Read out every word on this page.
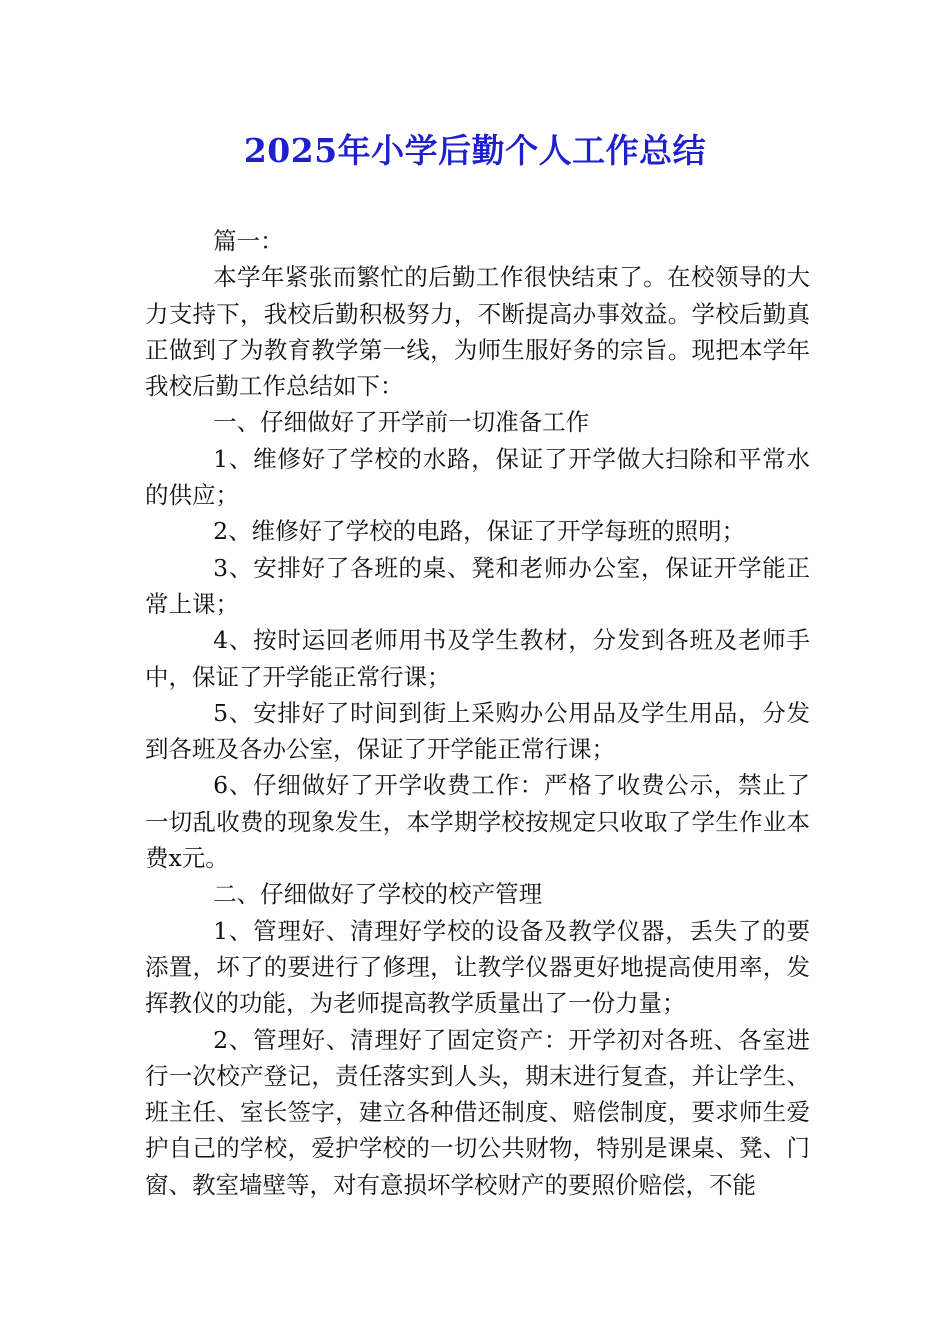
2025年小学后勤个人工作总结

篇一：

本学年紧张而繁忙的后勤工作很快结束了。在校领导的大力支持下，我校后勤积极努力，不断提高办事效益。学校后勤真正做到了为教育教学第一线，为师生服好务的宗旨。现把本学年我校后勤工作总结如下：

一、仔细做好了开学前一切准备工作

1、维修好了学校的水路，保证了开学做大扫除和平常水的供应；

2、维修好了学校的电路，保证了开学每班的照明；

3、安排好了各班的桌、凳和老师办公室，保证开学能正常上课；

4、按时运回老师用书及学生教材，分发到各班及老师手中，保证了开学能正常行课；

5、安排好了时间到街上采购办公用品及学生用品，分发到各班及各办公室，保证了开学能正常行课；

6、仔细做好了开学收费工作：严格了收费公示，禁止了一切乱收费的现象发生，本学期学校按规定只收取了学生作业本费x元。

二、仔细做好了学校的校产管理

1、管理好、清理好学校的设备及教学仪器，丢失了的要添置，坏了的要进行了修理，让教学仪器更好地提高使用率，发挥教仪的功能，为老师提高教学质量出了一份力量；

2、管理好、清理好了固定资产：开学初对各班、各室进行一次校产登记，责任落实到人头，期末进行复查，并让学生、班主任、室长签字，建立各种借还制度、赔偿制度，要求师生爱护自己的学校，爱护学校的一切公共财物，特别是课桌、凳、门窗、教室墙壁等，对有意损坏学校财产的要照价赔偿，不能
